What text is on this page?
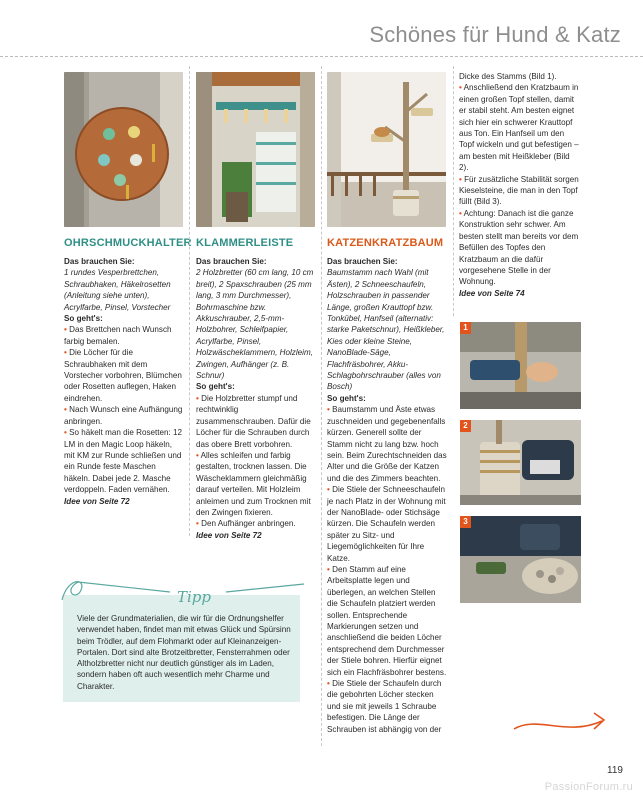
Schönes für Hund & Katz
OHRSCHMUCKHALTER
Das brauchen Sie:
1 rundes Vesperbrettchen, Schraubhaken, Häkelrosetten (Anleitung siehe unten), Acrylfarbe, Pinsel, Vorstecher
So geht's:
• Das Brettchen nach Wunsch farbig bemalen.
• Die Löcher für die Schraubhaken mit dem Vorstecher vorbohren, Blümchen oder Rosetten auflegen, Haken eindrehen.
• Nach Wunsch eine Aufhängung anbringen.
• So häkelt man die Rosetten: 12 LM in den Magic Loop häkeln, mit KM zur Runde schließen und ein Runde feste Maschen häkeln. Dabei jede 2. Masche verdoppeln. Faden vernähen.
Idee von Seite 72
KLAMMERLEISTE
Das brauchen Sie:
2 Holzbretter (60 cm lang, 10 cm breit), 2 Spaxschrauben (25 mm lang, 3 mm Durchmesser), Bohrmaschine bzw. Akkuschrauber, 2,5-mm-Holzbohrer, Schleifpapier, Acrylfarbe, Pinsel, Holzwäscheklammern, Holzleim, Zwingen, Aufhänger (z. B. Schnur)
So geht's:
• Die Holzbretter stumpf und rechtwinklig zusammenschrauben. Dafür die Löcher für die Schrauben durch das obere Brett vorbohren.
• Alles schleifen und farbig gestalten, trocknen lassen. Die Wäscheklammern gleichmäßig darauf verteilen. Mit Holzleim anleimen und zum Trocknen mit den Zwingen fixieren.
• Den Aufhänger anbringen.
Idee von Seite 72
KATZENKRATZBAUM
Das brauchen Sie:
Baumstamm nach Wahl (mit Ästen), 2 Schneeschaufeln, Holzschrauben in passender Länge, großen Krauttopf bzw. Tonkübel, Hanfseil (alternativ: starke Paketschnur), Heißkleber, Kies oder kleine Steine, NanoBlade-Säge, Flachfräsbohrer, Akku-Schlagbohrschrauber (alles von Bosch)
So geht's:
• Baumstamm und Äste etwas zuschneiden und gegebenenfalls kürzen. Generell sollte der Stamm nicht zu lang bzw. hoch sein. Beim Zurechtschneiden das Alter und die Größe der Katzen und die des Zimmers beachten.
• Die Stiele der Schneeschaufeln je nach Platz in der Wohnung mit der NanoBlade- oder Stichsäge kürzen. Die Schaufeln werden später zu Sitz- und Liegemöglichkeiten für Ihre Katze.
• Den Stamm auf eine Arbeitsplatte legen und überlegen, an welchen Stellen die Schaufeln platziert werden sollen. Entsprechende Markierungen setzen und anschließend die beiden Löcher entsprechend dem Durchmesser der Stiele bohren. Hierfür eignet sich ein Flachfräsbohrer bestens.
• Die Stiele der Schaufeln durch die gebohrten Löcher stecken und sie mit jeweils 1 Schraube befestigen. Die Länge der Schrauben ist abhängig von der
Dicke des Stamms (Bild 1).
• Anschließend den Kratzbaum in einen großen Topf stellen, damit er stabil steht. Am besten eignet sich hier ein schwerer Krauttopf aus Ton. Ein Hanfseil um den Topf wickeln und gut befestigen – am besten mit Heißkleber (Bild 2).
• Für zusätzliche Stabilität sorgen Kieselsteine, die man in den Topf füllt (Bild 3).
• Achtung: Danach ist die ganze Konstruktion sehr schwer. Am besten stellt man bereits vor dem Befüllen des Topfes den Kratzbaum an die dafür vorgesehene Stelle in der Wohnung.
Idee von Seite 74
1
2
3
Tipp
Viele der Grundmaterialien, die wir für die Ordnungshelfer verwendet haben, findet man mit etwas Glück und Spürsinn beim Trödler, auf dem Flohmarkt oder auf Kleinanzeigen-Portalen. Dort sind alte Brotzeitbretter, Fensterrahmen oder Altholzbretter nicht nur deutlich günstiger als im Laden, sondern haben oft auch wesentlich mehr Charme und Charakter.
119
PassionForum.ru
